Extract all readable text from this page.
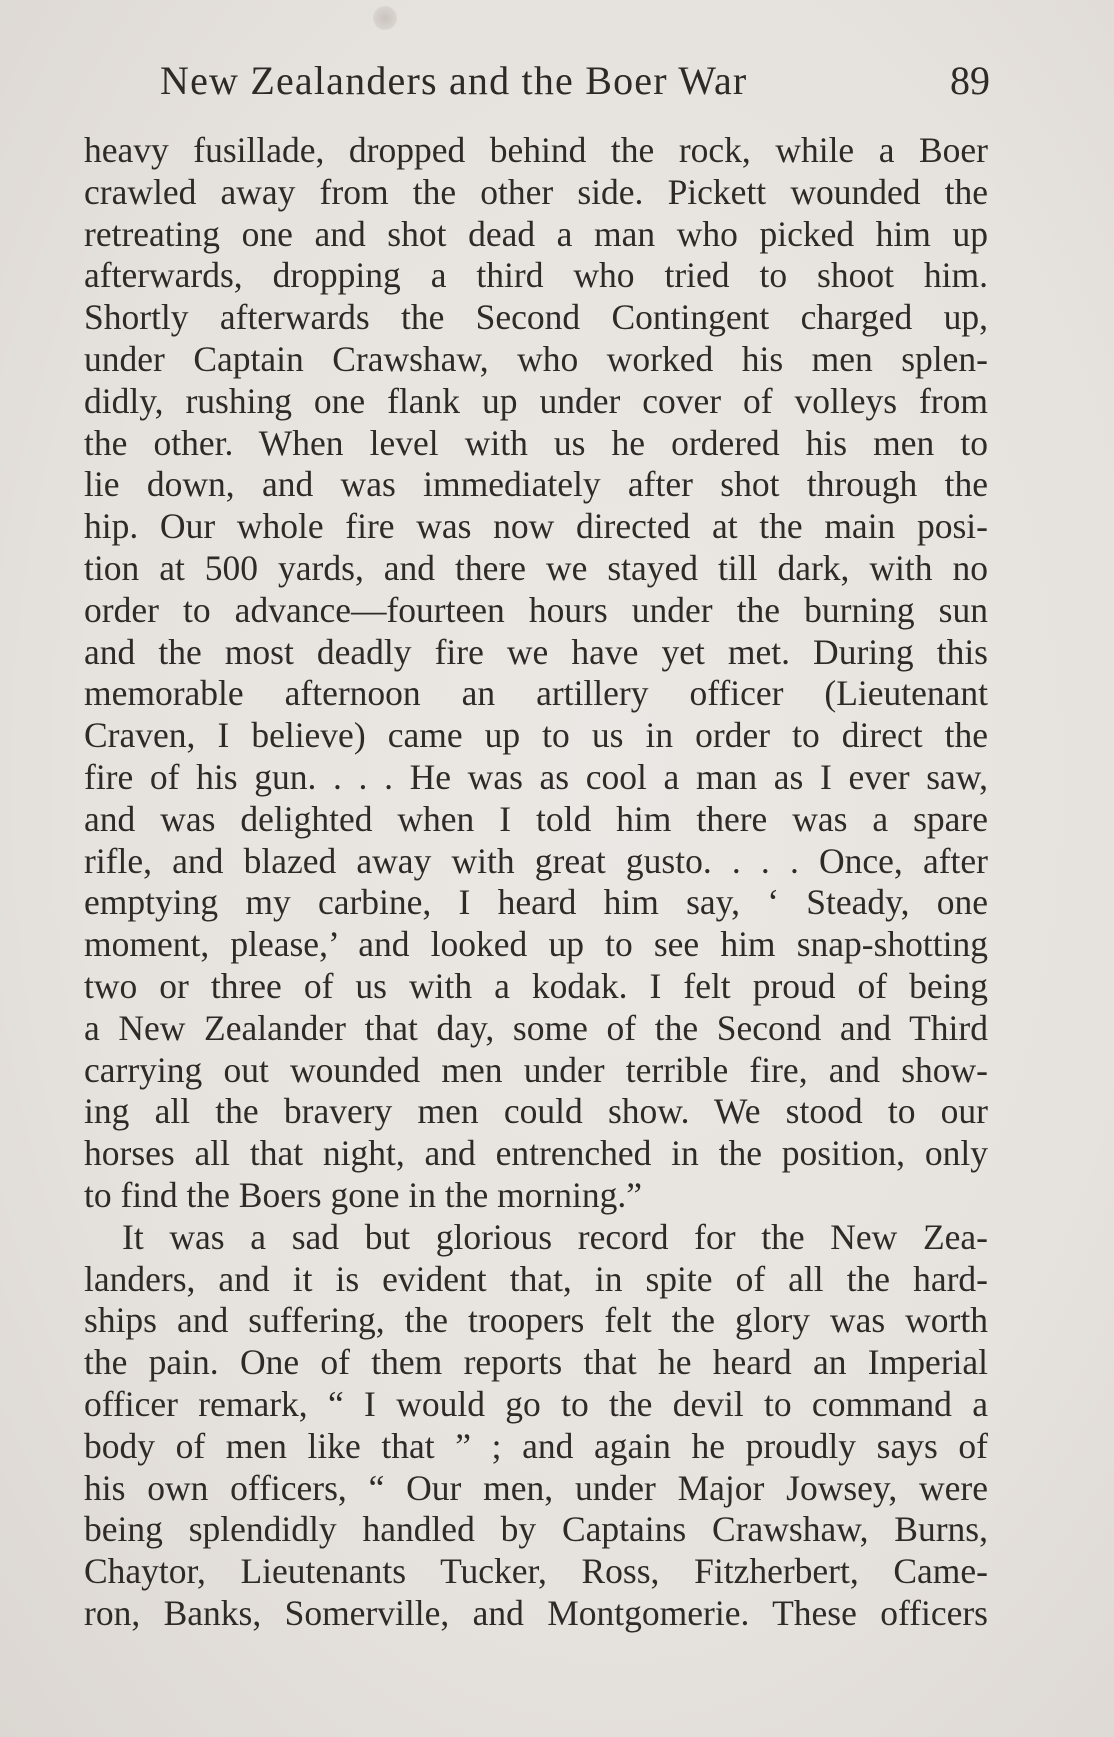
New Zealanders and the Boer War	89
heavy fusillade, dropped behind the rock, while a Boer
crawled away from the other side. Pickett wounded the
retreating one and shot dead a man who picked him up
afterwards, dropping a third who tried to shoot him.
Shortly afterwards the Second Contingent charged up,
under Captain Crawshaw, who worked his men splen-
didly, rushing one flank up under cover of volleys from
the other. When level with us he ordered his men to
lie down, and was immediately after shot through the
hip. Our whole fire was now directed at the main posi-
tion at 500 yards, and there we stayed till dark, with no
order to advance—fourteen hours under the burning sun
and the most deadly fire we have yet met. During this
memorable afternoon an artillery officer (Lieutenant
Craven, I believe) came up to us in order to direct the
fire of his gun. . . . He was as cool a man as I ever saw,
and was delighted when I told him there was a spare
rifle, and blazed away with great gusto. . . . Once, after
emptying my carbine, I heard him say, ‘ Steady, one
moment, please,’ and looked up to see him snap-shotting
two or three of us with a kodak. I felt proud of being
a New Zealander that day, some of the Second and Third
carrying out wounded men under terrible fire, and show-
ing all the bravery men could show. We stood to our
horses all that night, and entrenched in the position, only
to find the Boers gone in the morning.”
It was a sad but glorious record for the New Zea-
landers, and it is evident that, in spite of all the hard-
ships and suffering, the troopers felt the glory was worth
the pain. One of them reports that he heard an Imperial
officer remark, “ I would go to the devil to command a
body of men like that ” ; and again he proudly says of
his own officers, “ Our men, under Major Jowsey, were
being splendidly handled by Captains Crawshaw, Burns,
Chaytor, Lieutenants Tucker, Ross, Fitzherbert, Came-
ron, Banks, Somerville, and Montgomerie. These officers
